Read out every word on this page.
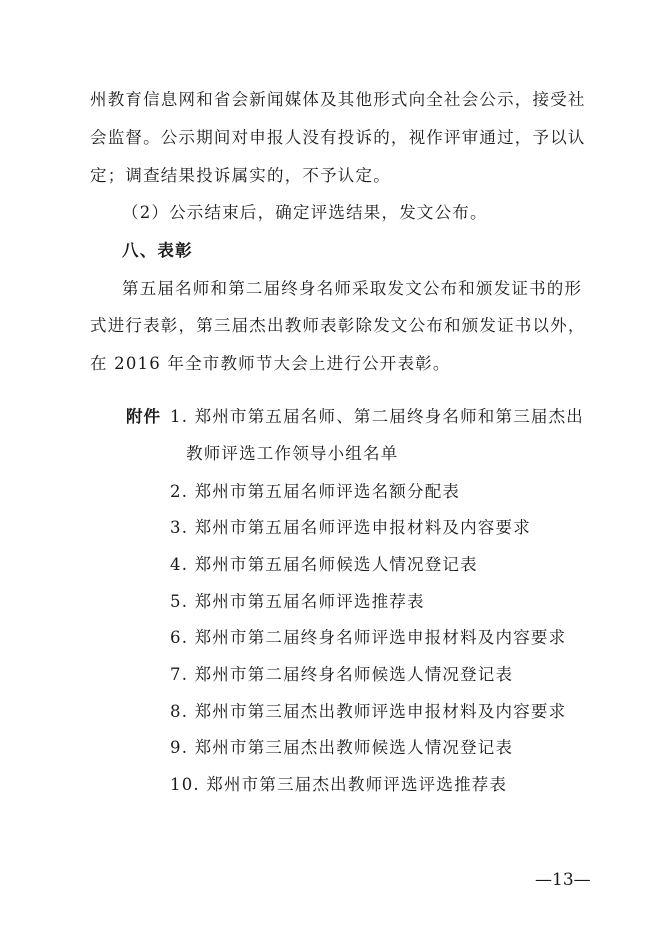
州教育信息网和省会新闻媒体及其他形式向全社会公示，接受社
会监督。公示期间对申报人没有投诉的，视作评审通过，予以认
定；调查结果投诉属实的，不予认定。
（2）公示结束后，确定评选结果，发文公布。
八、表彰
第五届名师和第二届终身名师采取发文公布和颁发证书的形
式进行表彰，第三届杰出教师表彰除发文公布和颁发证书以外，
在 2016 年全市教师节大会上进行公开表彰。
附件 1. 郑州市第五届名师、第二届终身名师和第三届杰出
教师评选工作领导小组名单
2. 郑州市第五届名师评选名额分配表
3. 郑州市第五届名师评选申报材料及内容要求
4. 郑州市第五届名师候选人情况登记表
5. 郑州市第五届名师评选推荐表
6. 郑州市第二届终身名师评选申报材料及内容要求
7. 郑州市第二届终身名师候选人情况登记表
8. 郑州市第三届杰出教师评选申报材料及内容要求
9. 郑州市第三届杰出教师候选人情况登记表
10. 郑州市第三届杰出教师评选评选推荐表
—13—
